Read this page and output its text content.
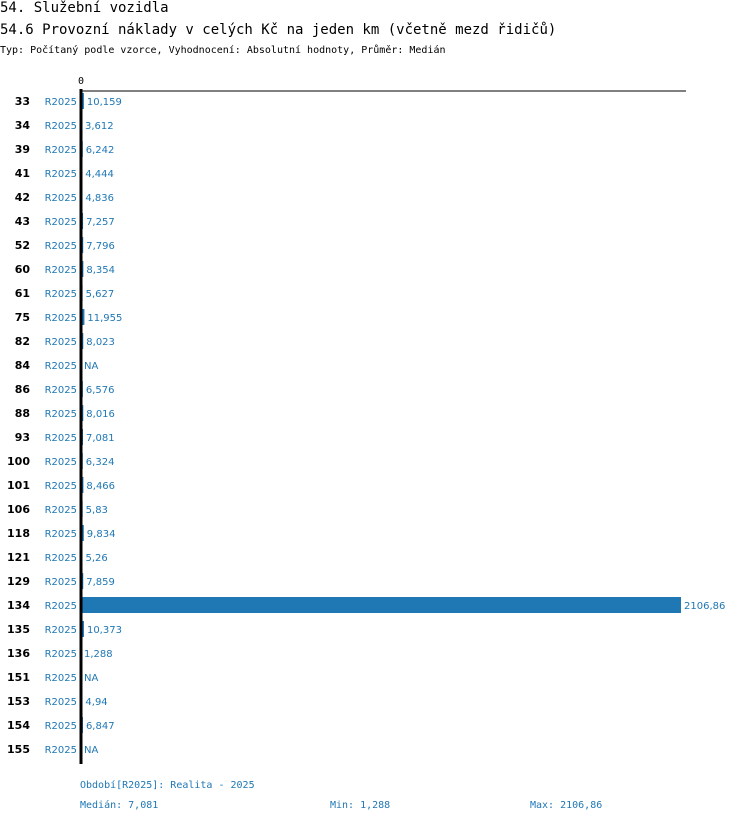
54. Služební vozidla
54.6 Provozní náklady v celých Kč na jeden km (včetně mezd řidičů)
Typ: Počítaný podle vzorce, Vyhodnocení: Absolutní hodnoty, Průměr: Medián
0
33 R2025 10,159
34 R2025 3,612
39 R2025 6,242
41 R2025 4,444
42 R2025 4,836
43 R2025 7,257
52 R2025 7,796
60 R2025 8,354
61 R2025 5,627
75 R2025 11,955
82 R2025 8,023
84 R2025 NA
86 R2025 6,576
88 R2025 8,016
93 R2025 7,081
100 R2025 6,324
101 R2025 8,466
106 R2025 5,83
118 R2025 9,834
121 R2025 5,26
129 R2025 7,859
134 R2025	2106,86
135 R2025 10,373
136 R2025 1,288
151 R2025 NA
153 R2025 4,94
154 R2025 6,847
155 R2025 NA
Období[R2025]: Realita - 2025
Medián: 7,081	Min: 1,288	Max: 2106,86
